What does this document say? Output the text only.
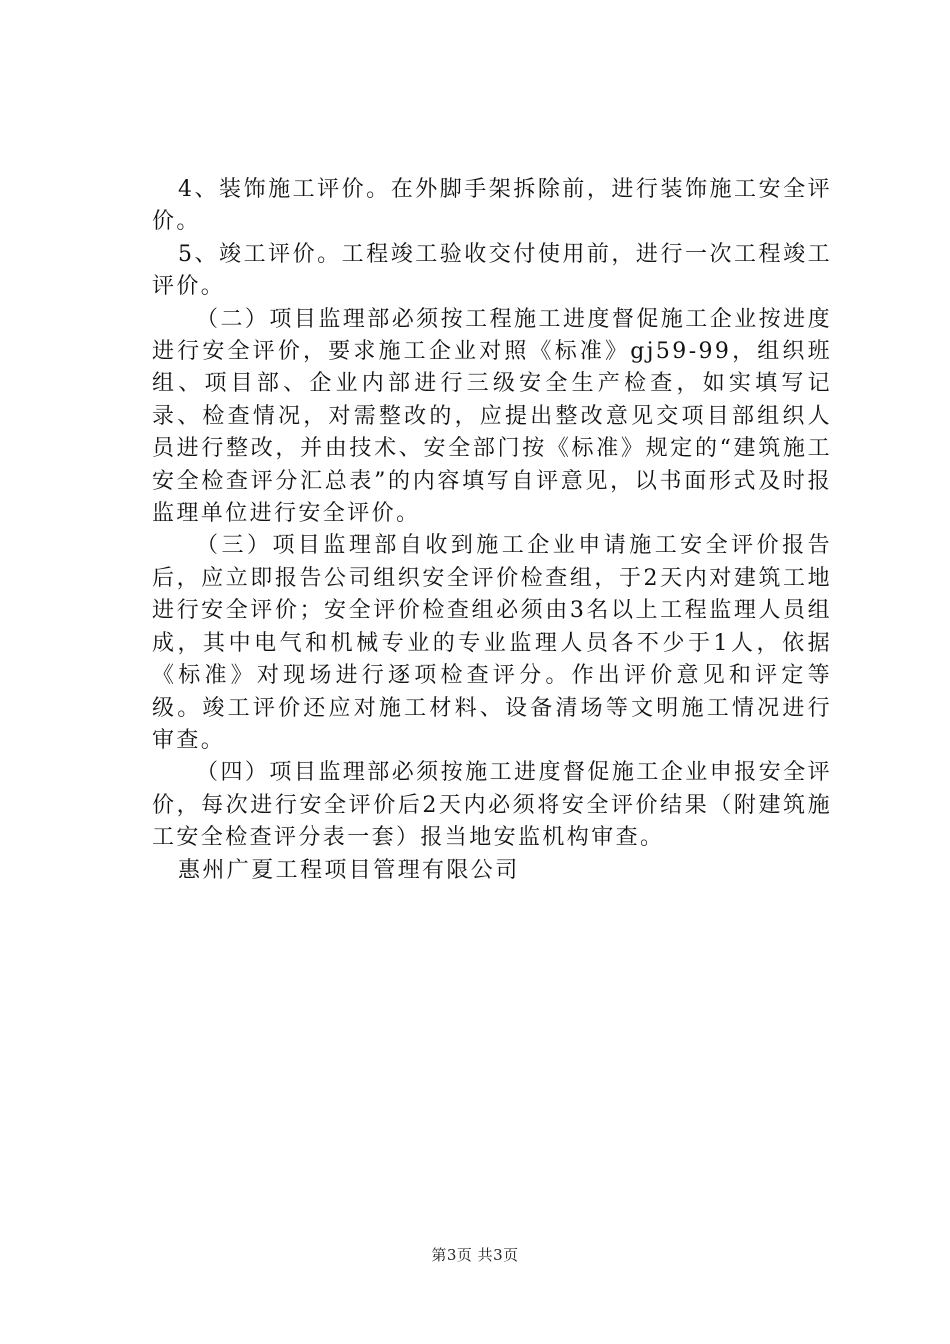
4、装饰施工评价。在外脚手架拆除前，进行装饰施工安全评价。

5、竣工评价。工程竣工验收交付使用前，进行一次工程竣工评价。

（二）项目监理部必须按工程施工进度督促施工企业按进度进行安全评价，要求施工企业对照《标准》gj59-99，组织班组、项目部、企业内部进行三级安全生产检查，如实填写记录、检查情况，对需整改的，应提出整改意见交项目部组织人员进行整改，并由技术、安全部门按《标准》规定的“建筑施工安全检查评分汇总表”的内容填写自评意见，以书面形式及时报监理单位进行安全评价。

（三）项目监理部自收到施工企业申请施工安全评价报告后，应立即报告公司组织安全评价检查组，于2天内对建筑工地进行安全评价；安全评价检查组必须由3名以上工程监理人员组成，其中电气和机械专业的专业监理人员各不少于1人，依据《标准》对现场进行逐项检查评分。作出评价意见和评定等级。竣工评价还应对施工材料、设备清场等文明施工情况进行审查。

（四）项目监理部必须按施工进度督促施工企业申报安全评价，每次进行安全评价后2天内必须将安全评价结果（附建筑施工安全检查评分表一套）报当地安监机构审查。

惠州广夏工程项目管理有限公司

第3页 共3页
